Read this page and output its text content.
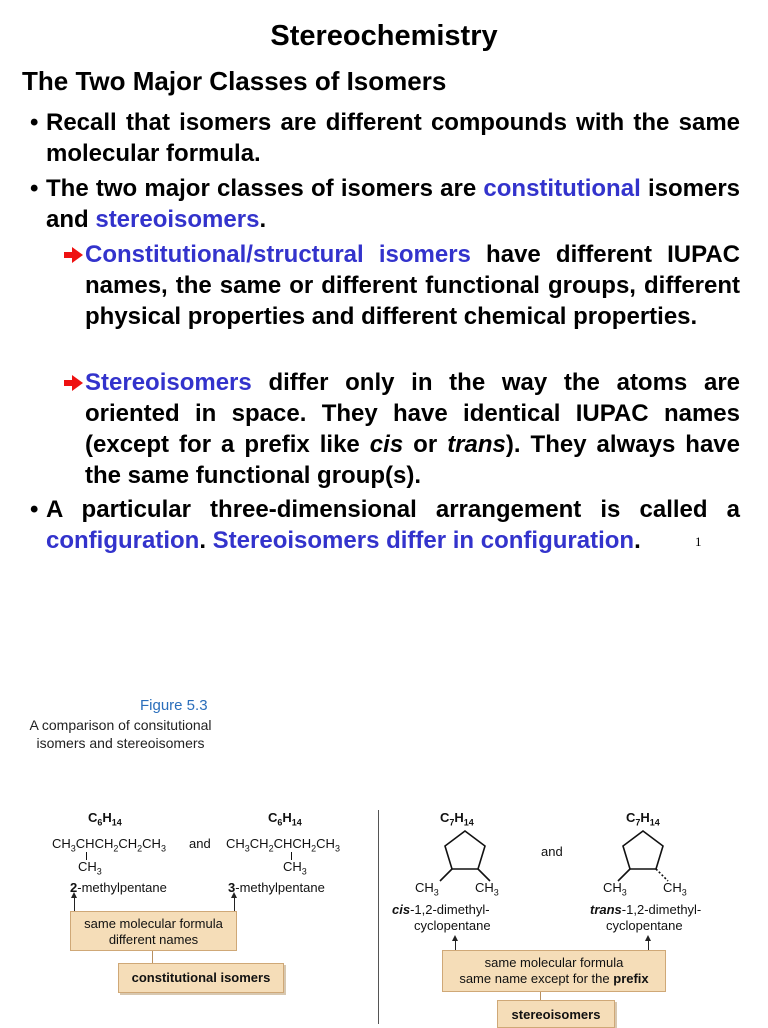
Stereochemistry
The Two Major Classes of Isomers
• Recall that isomers are different compounds with the same molecular formula.
• The two major classes of isomers are constitutional isomers and stereoisomers.
Constitutional/structural isomers have different IUPAC names, the same or different functional groups, different physical properties and different chemical properties.
Stereoisomers differ only in the way the atoms are oriented in space. They have identical IUPAC names (except for a prefix like cis or trans). They always have the same functional group(s).
• A particular three-dimensional arrangement is called a configuration. Stereoisomers differ in configuration.	1
Figure 5.3
A comparison of consitutional isomers and stereoisomers
$C_6H_{14}$	$C_6H_{14}$
$CH_3CHCH_2CH_2CH_3$ and $CH_3CH_2CHCH_2CH_3$
$CH_3$	$CH_3$
2-methylpentane	3-methylpentane
same molecular formula
different names
constitutional isomers
$C_7H_{14}$	$C_7H_{14}$
$CH_3$	$CH_3$
and
$CH_3$	$CH_3$
cis-1,2-dimethyl-
cyclopentane
trans-1,2-dimethyl-
cyclopentane
same molecular formula
same name except for the prefix
stereoisomers
